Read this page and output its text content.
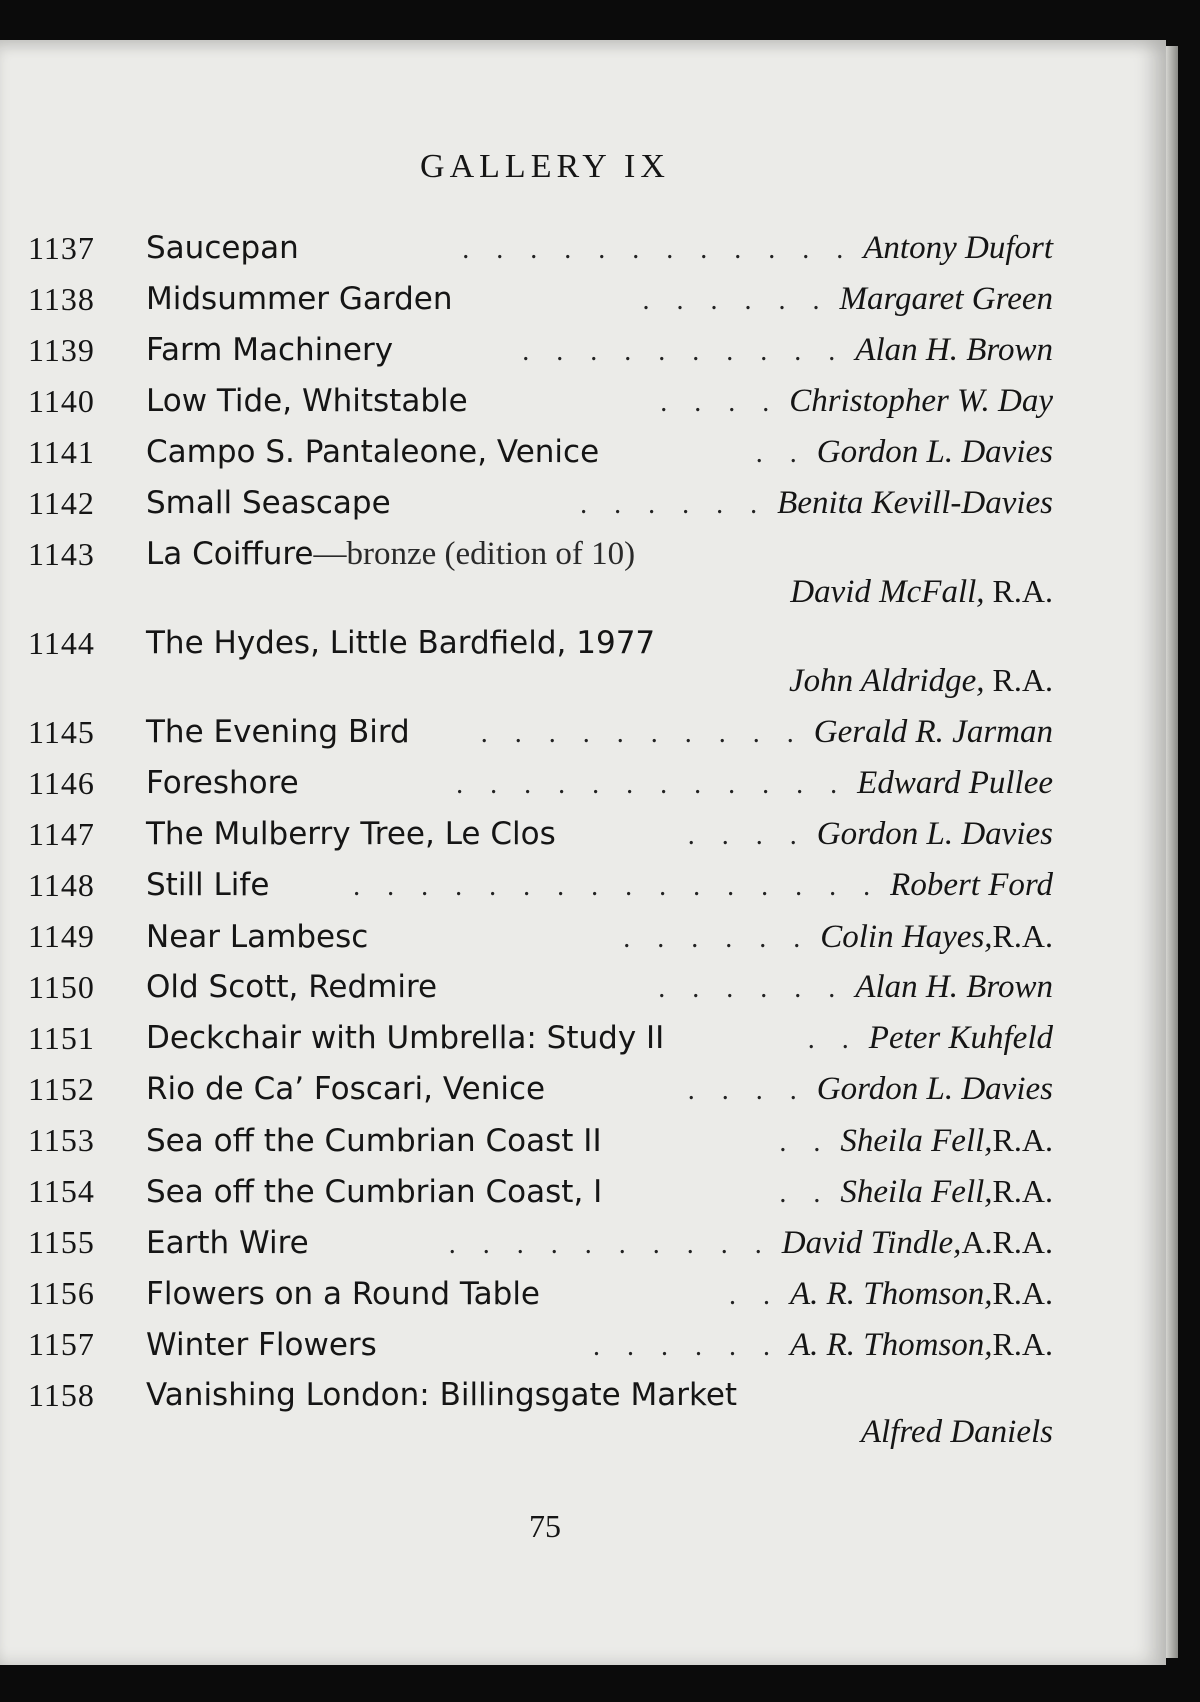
GALLERY IX
1137 Saucepan	. . . . . . . . . . . . Antony Dufort
1138 Midsummer Garden	. . . . . . Margaret Green
1139 Farm Machinery	. . . . . . . . . . Alan H. Brown
1140 Low Tide, Whitstable	. . . . Christopher W. Day
1141 Campo S. Pantaleone, Venice	. . Gordon L. Davies
1142 Small Seascape	. . . . . . Benita Kevill-Davies
1143 La Coiffure —bronze (edition of 10)
David McFall, R.A.
1144 The Hydes, Little Bardfield, 1977
John Aldridge, R.A.
1145 The Evening Bird	. . . . . . . . . . Gerald R. Jarman
1146 Foreshore	. . . . . . . . . . . . Edward Pullee
1147 The Mulberry Tree, Le Clos	. . . . Gordon L. Davies
1148 Still Life	. . . . . . . . . . . . . . . . Robert Ford
1149 Near Lambesc	. . . . . . Colin Hayes, R.A.
1150 Old Scott, Redmire	. . . . . . Alan H. Brown
1151 Deckchair with Umbrella: Study II	. . Peter Kuhfeld
1152 Rio de Ca’ Foscari, Venice	. . . . Gordon L. Davies
1153 Sea off the Cumbrian Coast II	. . Sheila Fell, R.A.
1154 Sea off the Cumbrian Coast, I	. . Sheila Fell, R.A.
1155 Earth Wire	. . . . . . . . . . David Tindle, A.R.A.
1156 Flowers on a Round Table	. . A. R. Thomson, R.A.
1157 Winter Flowers	. . . . . . A. R. Thomson, R.A.
1158 Vanishing London: Billingsgate Market
Alfred Daniels
75
